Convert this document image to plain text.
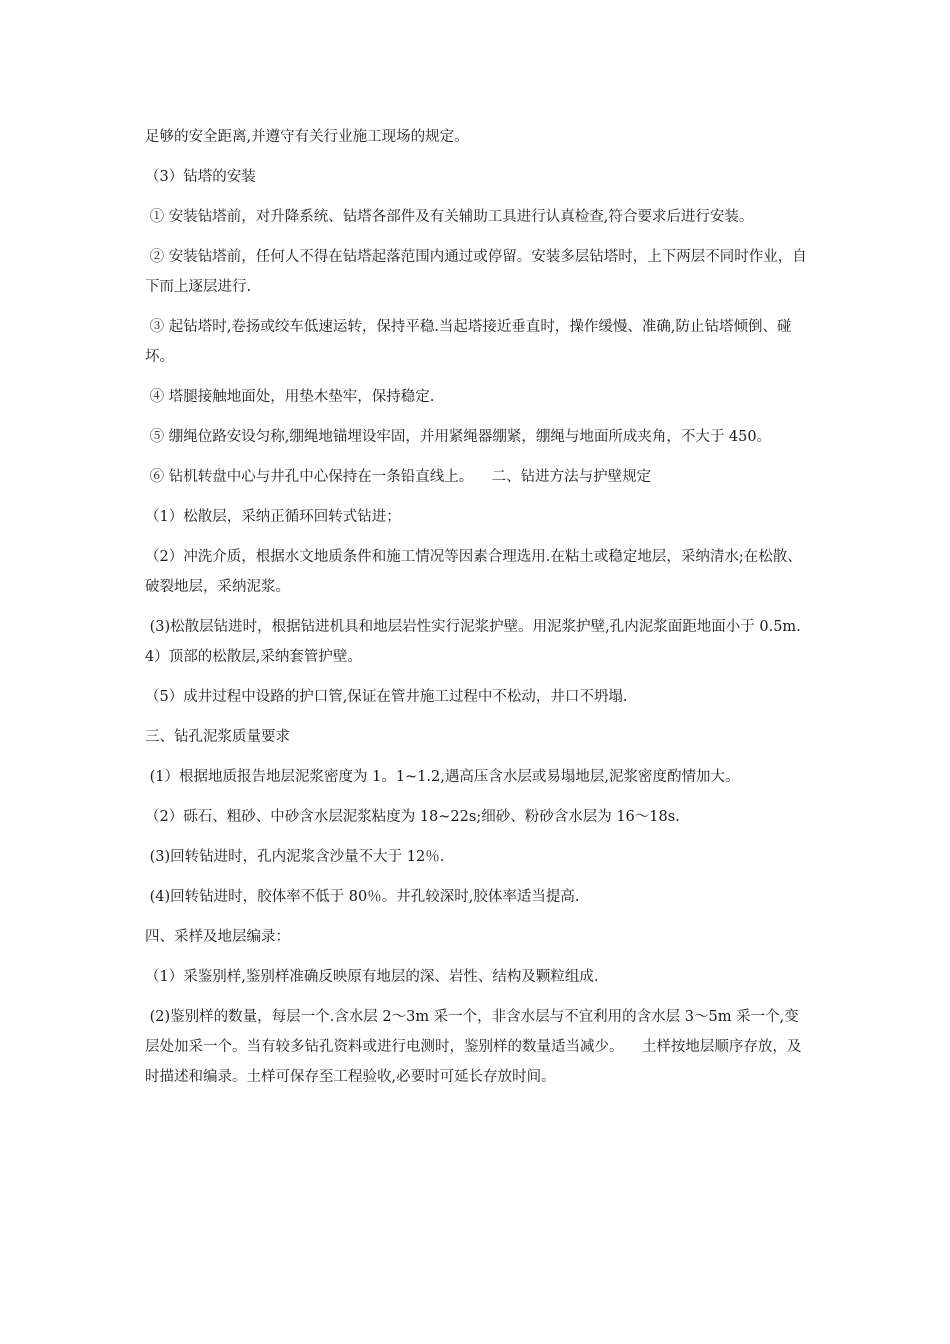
足够的安全距离,并遵守有关行业施工现场的规定。

（3）钻塔的安装

① 安装钻塔前，对升降系统、钻塔各部件及有关辅助工具进行认真检查,符合要求后进行安装。

② 安装钻塔前，任何人不得在钻塔起落范围内通过或停留。安装多层钻塔时，上下两层不同时作业，自下而上逐层进行.

③ 起钻塔时,卷扬或绞车低速运转，保持平稳.当起塔接近垂直时，操作缓慢、准确,防止钻塔倾倒、碰坏。

④ 塔腿接触地面处，用垫木垫牢，保持稳定.

⑤ 绷绳位路安设匀称,绷绳地锚埋设牢固，并用紧绳器绷紧，绷绳与地面所成夹角，不大于 450。

⑥ 钻机转盘中心与井孔中心保持在一条铅直线上。    二、钻进方法与护壁规定

（1）松散层，采纳正循环回转式钻进；

（2）冲洗介质，根据水文地质条件和施工情况等因素合理选用.在粘土或稳定地层，采纳清水;在松散、破裂地层，采纳泥浆。

(3)松散层钻进时，根据钻进机具和地层岩性实行泥浆护壁。用泥浆护壁,孔内泥浆面距地面小于 0.5m.4）顶部的松散层,采纳套管护壁。

（5）成井过程中设路的护口管,保证在管井施工过程中不松动，井口不坍塌.

三、钻孔泥浆质量要求

(1）根据地质报告地层泥浆密度为 1。1~1.2,遇高压含水层或易塌地层,泥浆密度酌情加大。

（2）砾石、粗砂、中砂含水层泥浆粘度为 18~22s;细砂、粉砂含水层为 16～18s.

(3)回转钻进时，孔内泥浆含沙量不大于 12％.

(4)回转钻进时，胶体率不低于 80％。井孔较深时,胶体率适当提高.

四、采样及地层编录：

（1）采鉴别样,鉴别样准确反映原有地层的深、岩性、结构及颗粒组成.

(2)鉴别样的数量，每层一个.含水层 2～3m 采一个，非含水层与不宜利用的含水层 3～5m 采一个,变层处加采一个。当有较多钻孔资料或进行电测时，鉴别样的数量适当减少。    土样按地层顺序存放，及时描述和编录。土样可保存至工程验收,必要时可延长存放时间。
